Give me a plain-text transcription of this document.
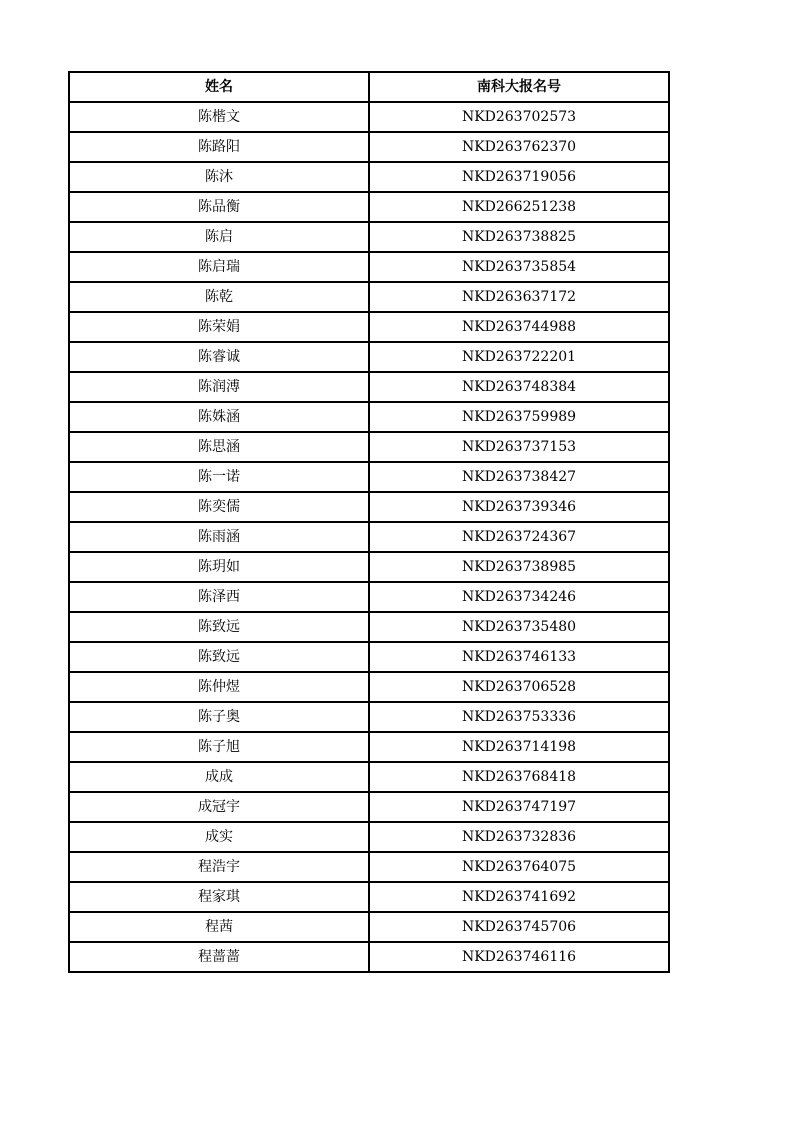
姓名	南科大报名号
陈楷文	NKD263702573
陈路阳	NKD263762370
陈沐	NKD263719056
陈品衡	NKD266251238
陈启	NKD263738825
陈启瑞	NKD263735854
陈乾	NKD263637172
陈荣娟	NKD263744988
陈睿诚	NKD263722201
陈润溥	NKD263748384
陈姝涵	NKD263759989
陈思涵	NKD263737153
陈一诺	NKD263738427
陈奕儒	NKD263739346
陈雨涵	NKD263724367
陈玥如	NKD263738985
陈泽西	NKD263734246
陈致远	NKD263735480
陈致远	NKD263746133
陈仲煜	NKD263706528
陈子奥	NKD263753336
陈子旭	NKD263714198
成成	NKD263768418
成冠宇	NKD263747197
成实	NKD263732836
程浩宇	NKD263764075
程家琪	NKD263741692
程茜	NKD263745706
程蔷蔷	NKD263746116
